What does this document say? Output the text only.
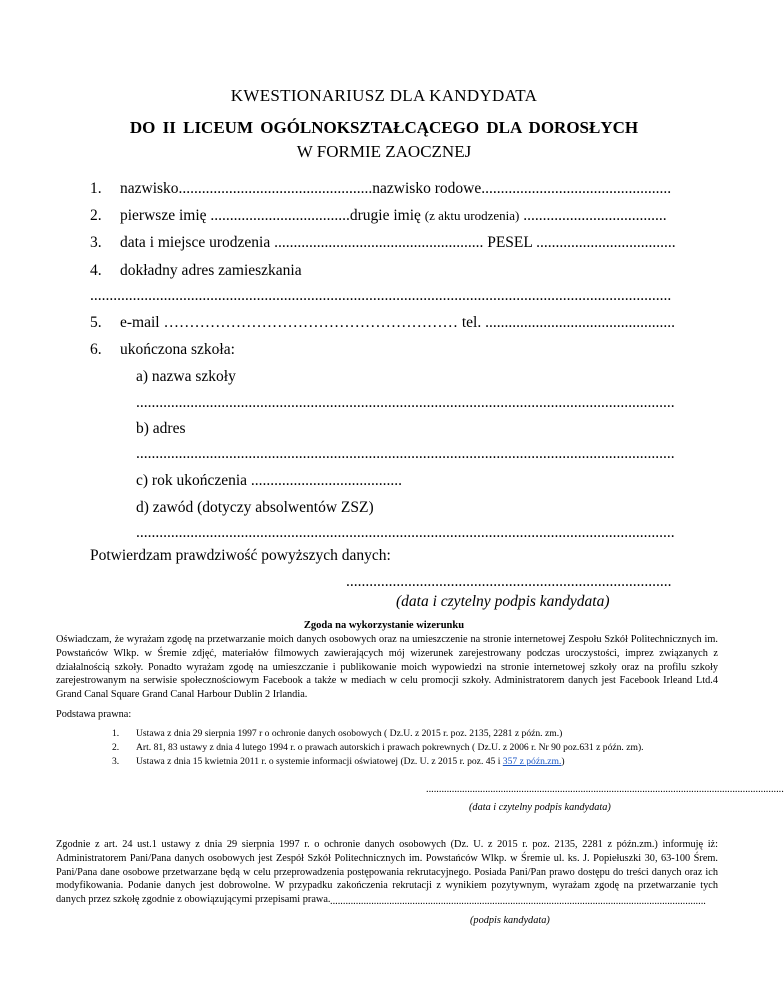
KWESTIONARIUSZ DLA KANDYDATA
DO II LICEUM OGÓLNOKSZTAŁCĄCEGO DLA DOROSŁYCH
W FORMIE ZAOCZNEJ
1. nazwisko..................................................nazwisko rodowe.................................................
2. pierwsze imię ....................................drugie imię (z aktu urodzenia) .....................................
3. data i miejsce urodzenia ...................................................... PESEL ....................................
4. dokładny adres zamieszkania
......................................................................................................................................................
5. e-mail ………………………………………………… tel. .................................................
6. ukończona szkoła:
a) nazwa szkoły
...........................................................................................................................................
b) adres
...........................................................................................................................................
c) rok ukończenia .......................................
d) zawód (dotyczy absolwentów ZSZ)
...........................................................................................................................................
Potwierdzam prawdziwość powyższych danych:
....................................................................................
(data i czytelny podpis kandydata)
Zgoda na wykorzystanie wizerunku
Oświadczam, że wyrażam zgodę na przetwarzanie moich danych osobowych oraz na umieszczenie na stronie internetowej Zespołu Szkół Politechnicznych im. Powstańców Wlkp. w Śremie zdjęć, materiałów filmowych zawierających mój wizerunek zarejestrowany podczas uroczystości, imprez związanych z działalnością szkoły. Ponadto wyrażam zgodę na umieszczanie i publikowanie moich wypowiedzi na stronie internetowej szkoły oraz na profilu szkoły zarejestrowanym na serwisie społecznościowym Facebook a także w mediach w celu promocji szkoły. Administratorem danych jest Facebook Irleand Ltd.4 Grand Canal Square Grand Canal Harbour Dublin 2 Irlandia.
Podstawa prawna:
1. Ustawa z dnia 29 sierpnia 1997 r o ochronie danych osobowych ( Dz.U. z 2015 r. poz. 2135, 2281 z późn. zm.)
2. Art. 81, 83 ustawy z dnia 4 lutego 1994 r. o prawach autorskich i prawach pokrewnych ( Dz.U. z 2006 r. Nr 90 poz.631 z późn. zm).
3. Ustawa z dnia 15 kwietnia 2011 r. o systemie informacji oświatowej (Dz. U. z 2015 r. poz. 45 i 357 z późn.zm.)
...........................................................................................................................................
(data i czytelny podpis kandydata)
Zgodnie z art. 24 ust.1 ustawy z dnia 29 sierpnia 1997 r. o ochronie danych osobowych (Dz. U. z 2015 r. poz. 2135, 2281 z późn.zm.) informuję iż: Administratorem Pani/Pana danych osobowych jest Zespół Szkół Politechnicznych im. Powstańców Wlkp. w Śremie ul. ks. J. Popiełuszki 30, 63-100 Śrem. Pani/Pana dane osobowe przetwarzane będą w celu przeprowadzenia postępowania rekrutacyjnego. Posiada Pani/Pan prawo dostępu do treści danych oraz ich modyfikowania. Podanie danych jest dobrowolne. W przypadku zakończenia rekrutacji z wynikiem pozytywnym, wyrażam zgodę na przetwarzanie tych danych przez szkołę zgodnie z obowiązującymi przepisami prawa. ..................................................................................................................................................
(podpis kandydata)
